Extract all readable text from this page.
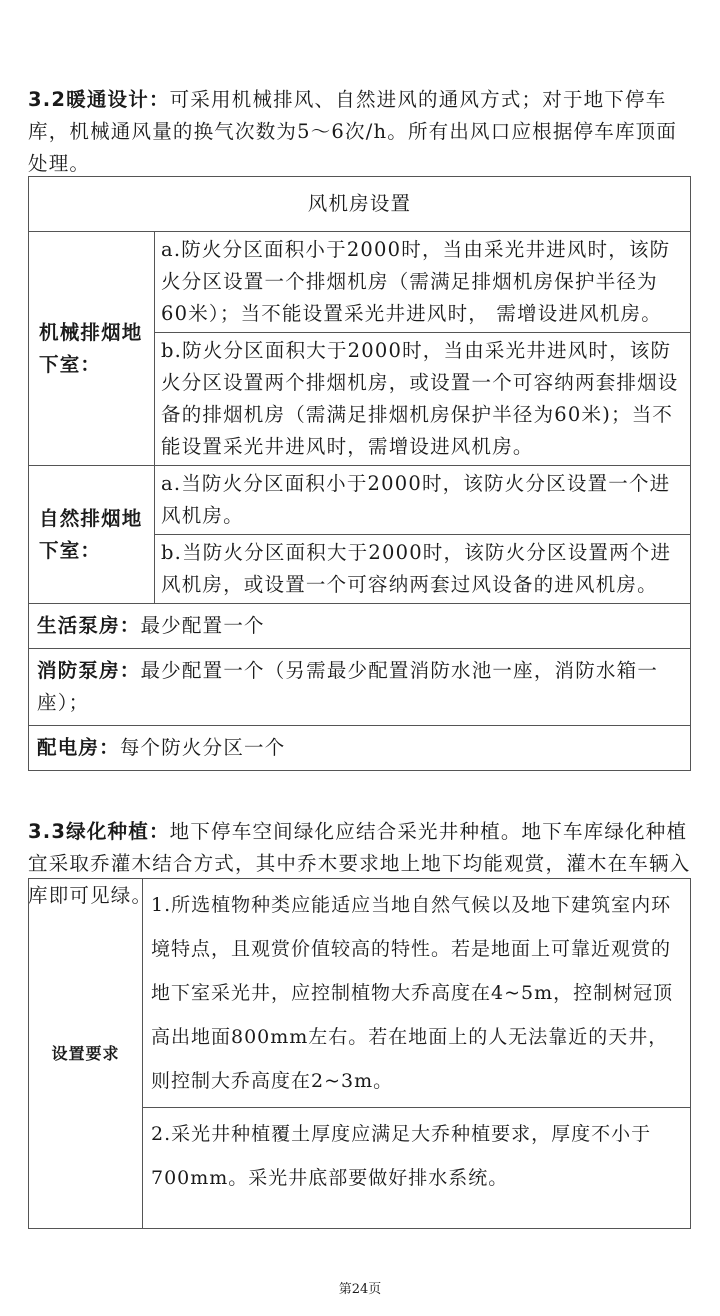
3.2暖通设计：可采用机械排风、自然进风的通风方式；对于地下停车库，机械通风量的换气次数为5～6次/h。所有出风口应根据停车库顶面处理。
风机房设置	
机械排烟地下室：	a.防火分区面积小于2000时，当由采光井进风时，该防火分区设置一个排烟机房（需满足排烟机房保护半径为60米）；当不能设置采光井进风时， 需增设进风机房。
	b.防火分区面积大于2000时，当由采光井进风时，该防火分区设置两个排烟机房，或设置一个可容纳两套排烟设备的排烟机房（需满足排烟机房保护半径为60米)；当不能设置采光井进风时，需增设进风机房。
自然排烟地下室：	a.当防火分区面积小于2000时，该防火分区设置一个进风机房。
	b.当防火分区面积大于2000时，该防火分区设置两个进风机房，或设置一个可容纳两套过风设备的进风机房。
生活泵房：最少配置一个	
消防泵房：最少配置一个（另需最少配置消防水池一座，消防水箱一座）；	
配电房：每个防火分区一个	
3.3绿化种植：地下停车空间绿化应结合采光井种植。地下车库绿化种植宜采取乔灌木结合方式，其中乔木要求地上地下均能观赏，灌木在车辆入库即可见绿。
设置要求	1.所选植物种类应能适应当地自然气候以及地下建筑室内环境特点，且观赏价值较高的特性。若是地面上可靠近观赏的地下室采光井，应控制植物大乔高度在4~5m，控制树冠顶高出地面800mm左右。若在地面上的人无法靠近的天井，则控制大乔高度在2~3m。
2.采光井种植覆土厚度应满足大乔种植要求，厚度不小于700mm。采光井底部要做好排水系统。
第24页
